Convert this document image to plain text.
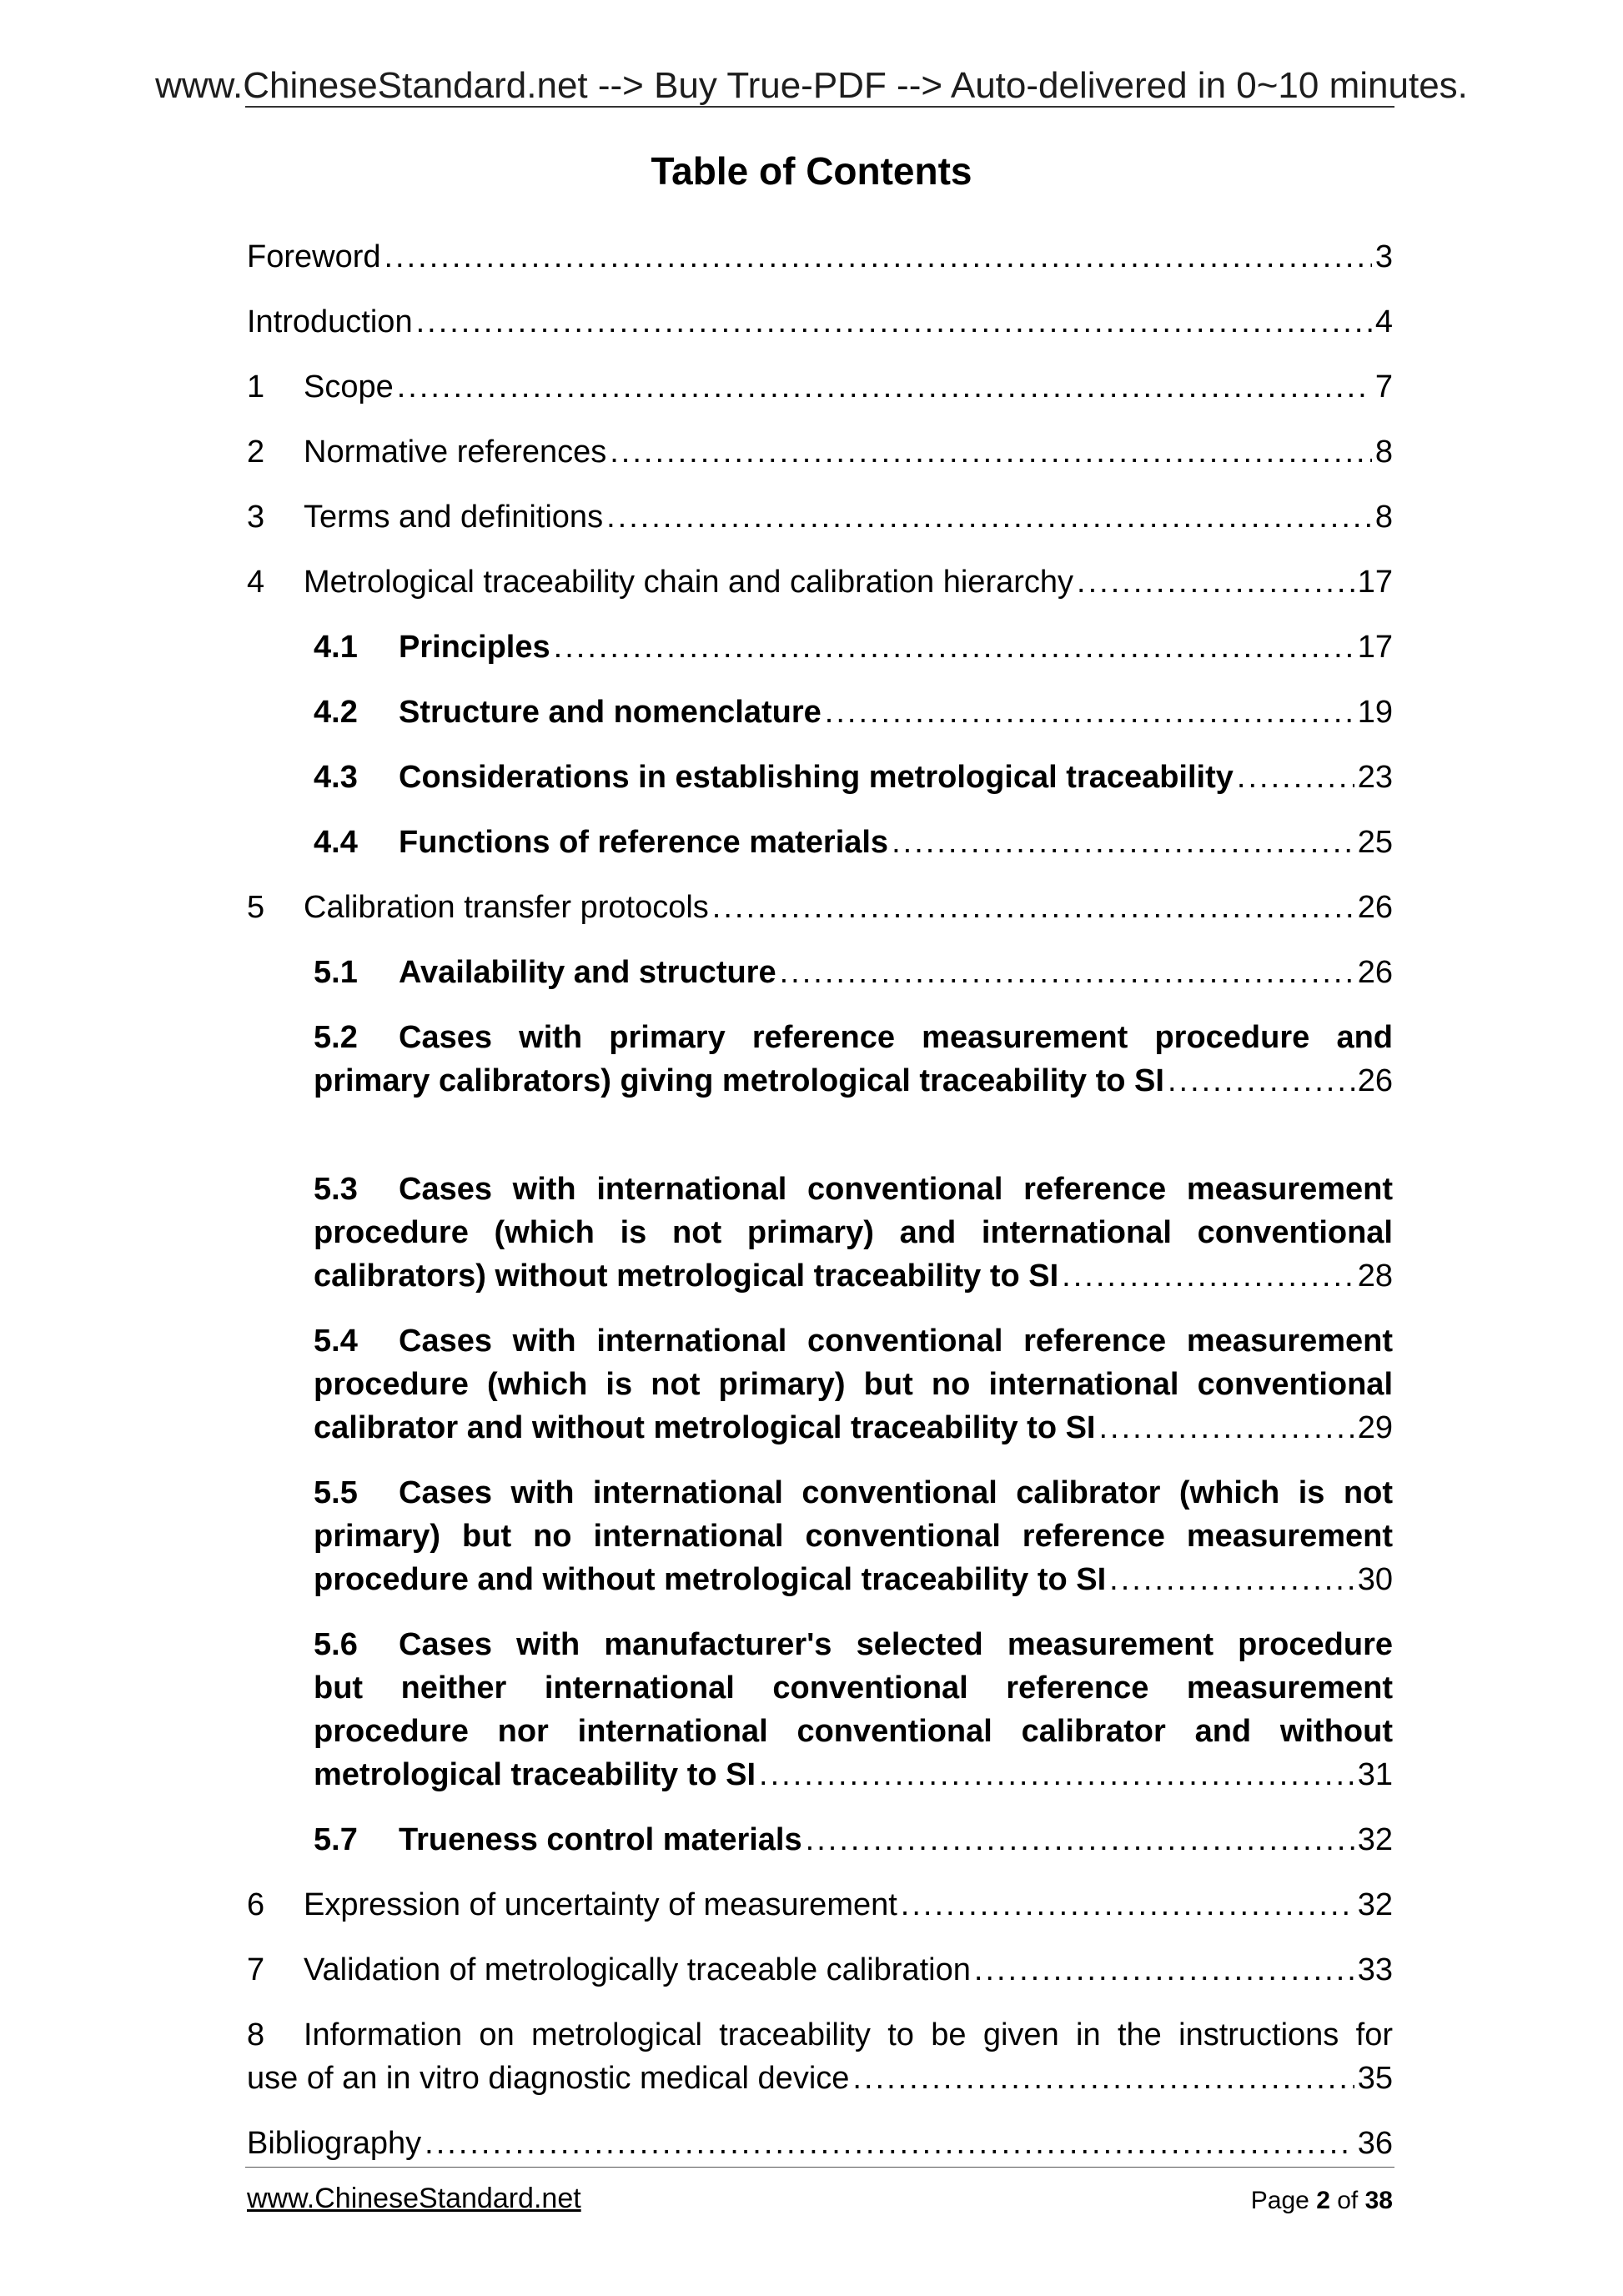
www.ChineseStandard.net --> Buy True-PDF --> Auto-delivered in 0~10 minutes.
Table of Contents
Foreword .....	3
Introduction .....	4
1	Scope .....	7
2	Normative references .....	8
3	Terms and definitions .....	8
4	Metrological traceability chain and calibration hierarchy .....	17
4.1	Principles .....	17
4.2	Structure and nomenclature .....	19
4.3	Considerations in establishing metrological traceability .....	23
4.4	Functions of reference materials .....	25
5	Calibration transfer protocols .....	26
5.1	Availability and structure .....	26
5.2 Cases with primary reference measurement procedure and
primary calibrators) giving metrological traceability to SI .....	26
5.3 Cases with international conventional reference measurement
procedure (which is not primary) and international conventional
calibrators) without metrological traceability to SI .....	28
5.4 Cases with international conventional reference measurement
procedure (which is not primary) but no international conventional
calibrator and without metrological traceability to SI .....	29
5.5 Cases with international conventional calibrator (which is not
primary) but no international conventional reference measurement
procedure and without metrological traceability to SI .....	30
5.6 Cases with manufacturer's selected measurement procedure
but neither international conventional reference measurement
procedure nor international conventional calibrator and without
metrological traceability to SI .....	31
5.7	Trueness control materials .....	32
6	Expression of uncertainty of measurement .....	32
7	Validation of metrologically traceable calibration .....	33
8 Information on metrological traceability to be given in the instructions for
use of an in vitro diagnostic medical device .....	35
Bibliography .....	36
www.ChineseStandard.net	Page 2 of 38
